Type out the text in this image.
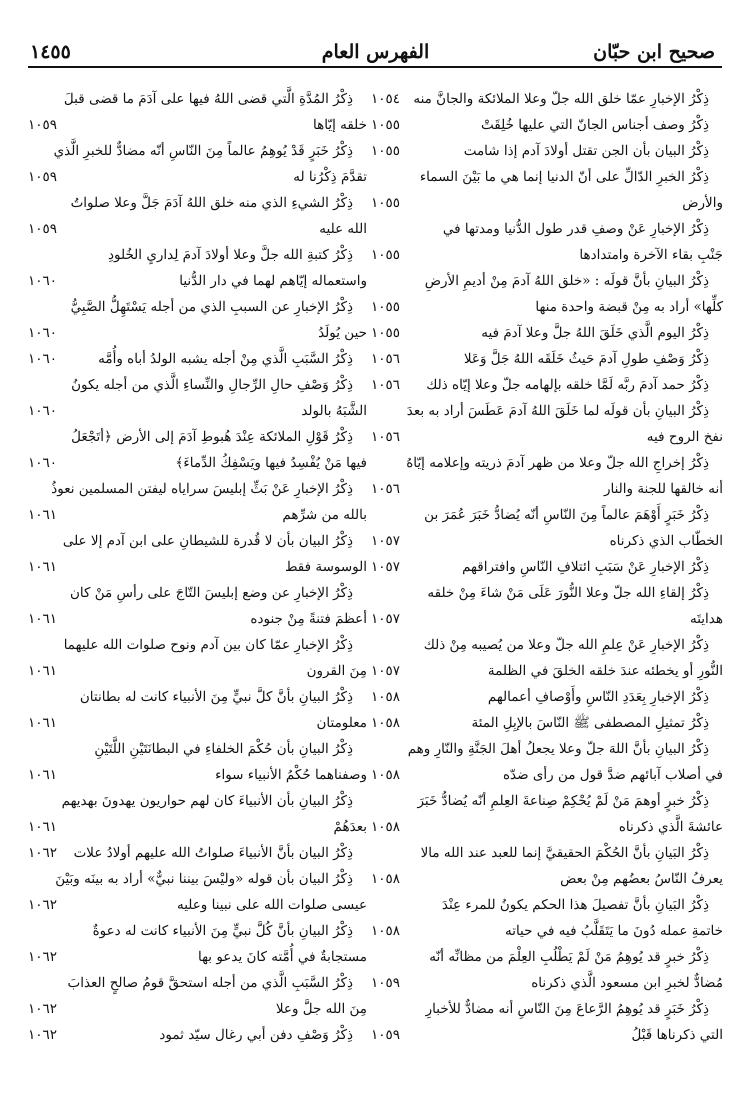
صحيح ابن حبّان
الفهرس العام
١٤٥٥
ذِكْرُ الإخبارِ عمّا خلق الله جلّ وعلا الملائكة والجانَّ منه
١٠٥٤
ذِكْرُ وصف أجناس الجانّ التي عليها خُلِقَتْ
١٠٥٥
ذِكْرُ البيان بأن الجن تقتل أولادَ آدم إذا شامت
١٠٥٥
ذِكْرُ الخبرِ الدّالِّ على أنّ الدنيا إنما هي ما بَيْنَ السماء
والأرض
١٠٥٥
ذِكْرُ الإخبارِ عَنْ وصفِ قدر طول الدُّنيا ومدتها في
جَنْبِ بقاء الآخرة وامتدادها
١٠٥٥
ذِكْرُ البيانِ بأنَّ قولَه : «خلق اللهُ آدمَ مِنْ أديمِ الأرضِ
كلِّها» أراد به مِنْ قبضة واحدة منها
١٠٥٥
ذِكْرُ اليوم الَّذي خَلَقَ اللهُ جلَّ وعلا آدمَ فيه
١٠٥٥
ذِكْرُ وَصْفِ طولِ آدمَ حَيثُ خَلَقَه اللهُ جَلَّ وَعَلا
١٠٥٦
ذِكْرُ حمد آدمَ ربَّه لَمَّا خلقه بإلهامه جلّ وعلا إيّاه ذلك
١٠٥٦
ذِكْرُ البيانِ بأن قولَه لما خَلَقَ اللهُ آدمَ عَطَسَ أراد به بعدَ
نفخ الروح فيه
١٠٥٦
ذِكْرُ إخراجِ الله جلّ وعلا من ظهر آدمَ ذريته وإعلامه إيّاهُ
أنه خالقها للجنة والنار
١٠٥٦
ذِكْرُ خَبَرٍ أَوْهَمَ عالماً مِنَ النّاسِ أنّه يُضادُّ خَبَرَ عُمَرَ بن
الخطّاب الذي ذكرناه
١٠٥٧
ذِكْرُ الإخبارِ عَنْ سَبَبِ ائتلافِ النّاسِ وافتراقهم
١٠٥٧
ذِكْرُ إلقاءِ الله جلّ وعلا النُّورَ عَلَى مَنْ شاءَ مِنْ خلقه
هدايتَه
١٠٥٧
ذِكْرُ الإخبارِ عَنْ عِلمِ الله جلّ وعلا من يُصيبه مِنْ ذلك
النُّورِ أو يخطئه عندَ خلقه الخلقَ في الظلمة
١٠٥٧
ذِكْرُ الإخبارِ بِعَدَدِ النّاسِ وأَوْصافِ أعمالهم
١٠٥٨
ذِكْرُ تمثيلِ المصطفى ﷺ النّاسَ بالإبِلِ المئة
١٠٥٨
ذِكْرُ البيانِ بأنَّ اللهَ جلّ وعلا يجعلُ أهلَ الجَنَّةِ والنّارِ وهم
في أصلاب آبائهم ضدَّ قول من رأى ضدّه
١٠٥٨
ذِكْرُ خبرٍ أوهمَ مَنْ لَمْ يُحْكِمْ صِناعةَ العِلمِ أنّه يُضادُّ خَبَرَ
عائشةَ الَّذي ذكرناه
١٠٥٨
ذِكْرُ البَيانِ بأنَّ الحُكْمَ الحقيقيَّ إنما للعبد عند الله مالا
يعرفُ النّاسُ بعضُهم مِنْ بعض
١٠٥٨
ذِكْرُ البَيانِ بأنَّ تفصيلَ هذا الحكم يكونُ للمرء عِنْدَ
خاتمةِ عمله دُونَ ما يَتَقَلَّبُ فيه في حياته
١٠٥٨
ذِكْرُ خبرٍ قد يُوهِمُ مَنْ لَمْ يَطْلُبِ العِلْمَ من مظانِّه أنّه
مُضادٌّ لخبرِ ابن مسعود الَّذي ذكرناه
١٠٥٩
ذِكْرُ خَبَرٍ قد يُوهِمُ الرَّعاعَ مِنَ النّاسِ أنه مضادٌّ للأخبارِ
التي ذكرناها قَبْلُ
١٠٥٩
ذِكْرُ المُدَّةِ الَّتي قضى اللهُ فيها على آدَمَ ما قضى قبلَ
خلقه إيّاها
١٠٥٩
ذِكْرُ خَبَرٍ قَدْ يُوهِمُ عالماً مِنَ النّاسِ أنّه مضادٌّ للخبرِ الَّذي
تقدَّمَ ذِكْرُنا له
١٠٥٩
ذِكْرُ الشيءِ الذي منه خلق اللهُ آدَمَ جَلَّ وعلا صلواتُ
الله عليه
١٠٥٩
ذِكْرُ كتبةِ الله جلَّ وعلا أولادَ آدمَ لِداريِ الخُلودِ
واستعماله إيّاهم لهما في دار الدُّنيا
١٠٦٠
ذِكْرُ الإخبارِ عن السببِ الذي من أجله يَسْتَهِلُّ الصَّبِيُّ
حين يُولَدُ
١٠٦٠
ذِكْرُ السَّبَبِ الَّذي مِنْ أجله يشبه الولدُ أباه وأُمَّه
١٠٦٠
ذِكْرُ وَصْفِ حالِ الرِّجالِ والنِّساءِ الَّذي من أجله يكونُ
الشَّبَهُ بالولد
١٠٦٠
ذِكْرُ قَوْلِ الملائكة عِنْدَ هُبوطِ آدَمَ إلى الأرض ﴿أتَجْعَلُ
فيها مَنْ يُفْسِدُ فيها ويَسْفِكُ الدِّماءَ﴾
١٠٦٠
ذِكْرُ الإخبارِ عَنْ بَثِّ إبليسَ سراياه ليفتن المسلمين نعوذُ
بالله من شرِّهم
١٠٦١
ذِكْرُ البيان بأن لا قُدرة للشيطانِ على ابن آدم إلا على
الوسوسة فقط
١٠٦١
ذِكْرُ الإخبارِ عن وضع إبليسَ التّاجَ على رأسِ مَنْ كان
أعظمَ فتنةً مِنْ جنوده
١٠٦١
ذِكْرُ الإخبارِ عمّا كان بين آدم ونوح صلوات الله عليهما
مِنَ القرون
١٠٦١
ذِكْرُ البيانِ بأنَّ كلَّ نبيٍّ مِنَ الأنبياء كانت له بطانتان
معلومتان
١٠٦١
ذِكْرُ البيانِ بأن حُكْمَ الخلفاءِ في البطانَتَيْنِ اللَّتَيْنِ
وصفناهما حُكْمُ الأنبياء سواء
١٠٦١
ذِكْرُ البيانِ بأن الأنبياءَ كان لهم حواريون يهدونَ بهديهم
بعدَهُمْ
١٠٦١
ذِكْرُ البيان بأنَّ الأنبياءَ صلواتُ الله عليهم أولادُ علات
١٠٦٢
ذِكْرُ البيان بأن قوله «وليْسَ بيننا نبيٌّ» أراد به بينَه وبَيْنَ
عيسى صلوات الله على نبينا وعليه
١٠٦٢
ذِكْرُ البيانِ بأنَّ كُلَّ نبيٍّ مِنَ الأنبياء كانت له دعوةٌ
مستجابةٌ في أُمَّته كانَ يدعو بها
١٠٦٢
ذِكْرُ السَّبَبِ الَّذي من أجله استحقَّ قومُ صالحٍ العذابَ
مِنَ الله جلَّ وعلا
١٠٦٢
ذِكْرُ وَصْفِ دفن أبي رغال سيّد ثمود
١٠٦٢
